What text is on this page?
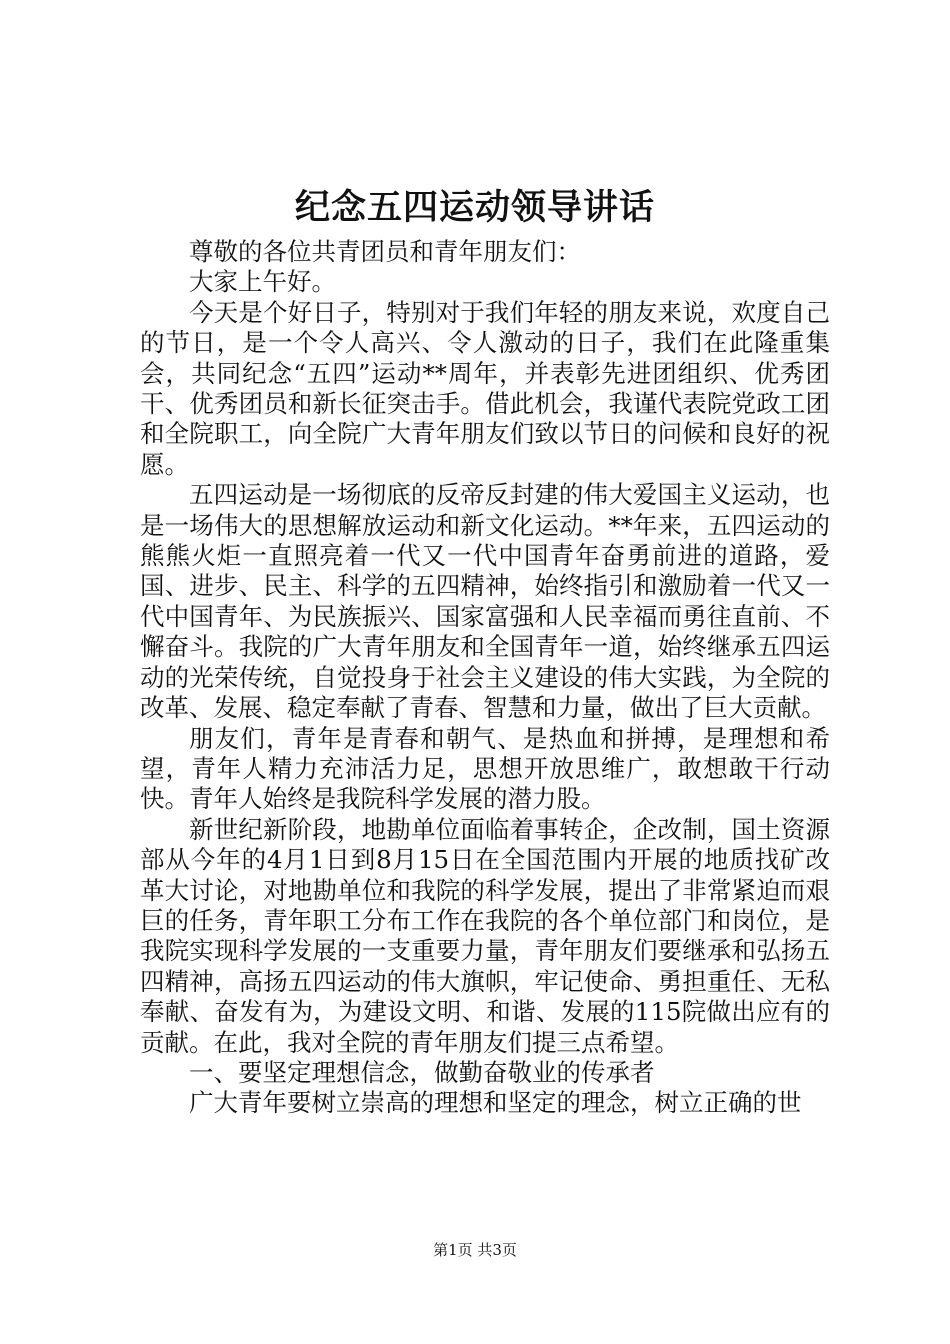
纪念五四运动领导讲话

尊敬的各位共青团员和青年朋友们：

大家上午好。

今天是个好日子，特别对于我们年轻的朋友来说，欢度自己的节日，是一个令人高兴、令人激动的日子，我们在此隆重集会，共同纪念“五四”运动**周年，并表彰先进团组织、优秀团干、优秀团员和新长征突击手。借此机会，我谨代表院党政工团和全院职工，向全院广大青年朋友们致以节日的问候和良好的祝愿。

五四运动是一场彻底的反帝反封建的伟大爱国主义运动，也是一场伟大的思想解放运动和新文化运动。**年来，五四运动的熊熊火炬一直照亮着一代又一代中国青年奋勇前进的道路，爱国、进步、民主、科学的五四精神，始终指引和激励着一代又一代中国青年、为民族振兴、国家富强和人民幸福而勇往直前、不懈奋斗。我院的广大青年朋友和全国青年一道，始终继承五四运动的光荣传统，自觉投身于社会主义建设的伟大实践，为全院的改革、发展、稳定奉献了青春、智慧和力量，做出了巨大贡献。

朋友们，青年是青春和朝气、是热血和拼搏，是理想和希望，青年人精力充沛活力足，思想开放思维广，敢想敢干行动快。青年人始终是我院科学发展的潜力股。

新世纪新阶段，地勘单位面临着事转企，企改制，国土资源部从今年的4月1日到8月15日在全国范围内开展的地质找矿改革大讨论，对地勘单位和我院的科学发展，提出了非常紧迫而艰巨的任务，青年职工分布工作在我院的各个单位部门和岗位，是我院实现科学发展的一支重要力量，青年朋友们要继承和弘扬五四精神，高扬五四运动的伟大旗帜，牢记使命、勇担重任、无私奉献、奋发有为，为建设文明、和谐、发展的115院做出应有的贡献。在此，我对全院的青年朋友们提三点希望。

一、要坚定理想信念，做勤奋敬业的传承者

广大青年要树立崇高的理想和坚定的理念，树立正确的世

第1页 共3页
